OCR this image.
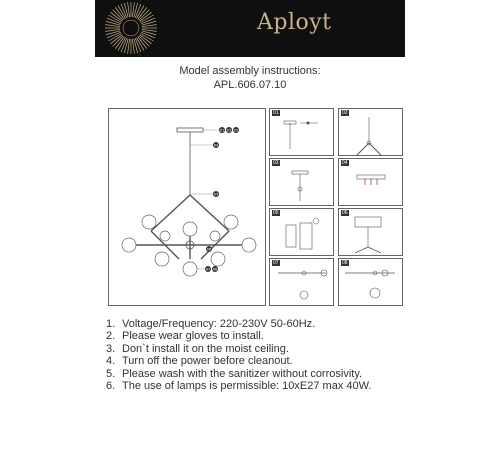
Aployt
Model assembly instructions:
APL.606.07.10
01 02 03
04
05
07 08
06
01	02
03	04
05	06
07	08
1. Voltage/Frequency: 220-230V 50-60Hz.
2. Please wear gloves to install.
3. Don`t install it on the moist ceiling.
4. Turn off the power before cleanout.
5. Please wash with the sanitizer without corrosivity.
6. The use of lamps is permissible: 10xE27 max 40W.
